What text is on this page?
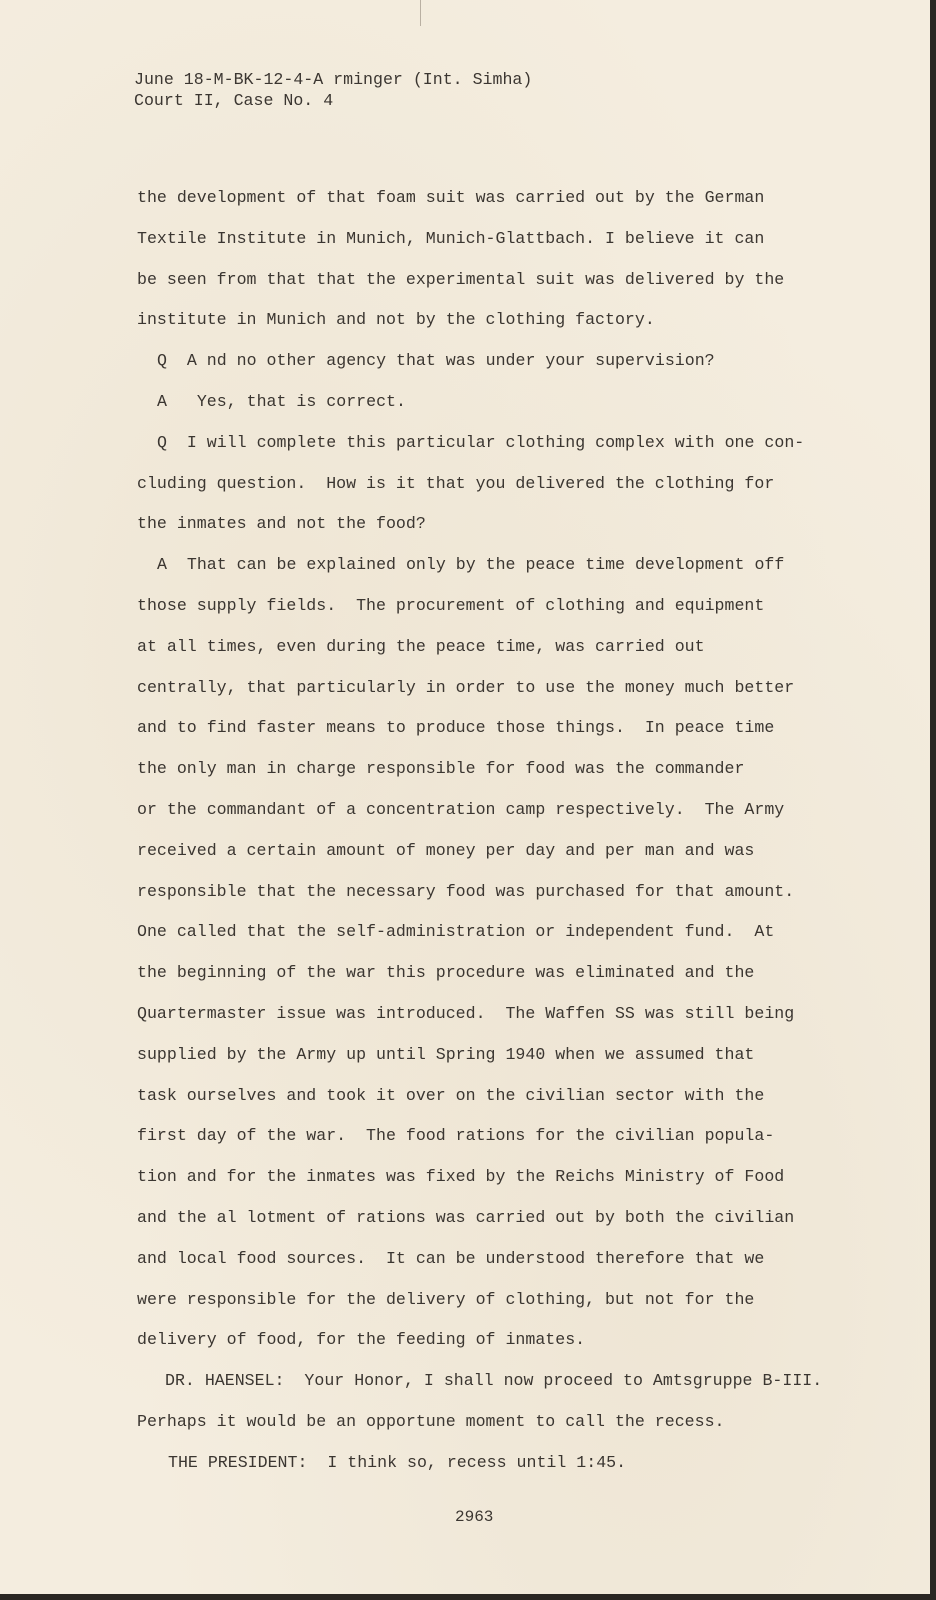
June 18-M-BK-12-4-A rminger (Int. Simha)
Court II, Case No. 4
the development of that foam suit was carried out by the German
Textile Institute in Munich, Munich-Glattbach. I believe it can
be seen from that that the experimental suit was delivered by the
institute in Munich and not by the clothing factory.
Q  A nd no other agency that was under your supervision?
A   Yes, that is correct.
Q  I will complete this particular clothing complex with one con-
cluding question.  How is it that you delivered the clothing for
the inmates and not the food?
A  That can be explained only by the peace time development off
those supply fields.  The procurement of clothing and equipment
at all times, even during the peace time, was carried out
centrally, that particularly in order to use the money much better
and to find faster means to produce those things.  In peace time
the only man in charge responsible for food was the commander
or the commandant of a concentration camp respectively.  The Army
received a certain amount of money per day and per man and was
responsible that the necessary food was purchased for that amount.
One called that the self-administration or independent fund.  At
the beginning of the war this procedure was eliminated and the
Quartermaster issue was introduced.  The Waffen SS was still being
supplied by the Army up until Spring 1940 when we assumed that
task ourselves and took it over on the civilian sector with the
first day of the war.  The food rations for the civilian popula-
tion and for the inmates was fixed by the Reichs Ministry of Food
and the al lotment of rations was carried out by both the civilian
and local food sources.  It can be understood therefore that we
were responsible for the delivery of clothing, but not for the
delivery of food, for the feeding of inmates.
DR. HAENSEL:  Your Honor, I shall now proceed to Amtsgruppe B-III.
Perhaps it would be an opportune moment to call the recess.
THE PRESIDENT:  I think so, recess until 1:45.
2963
